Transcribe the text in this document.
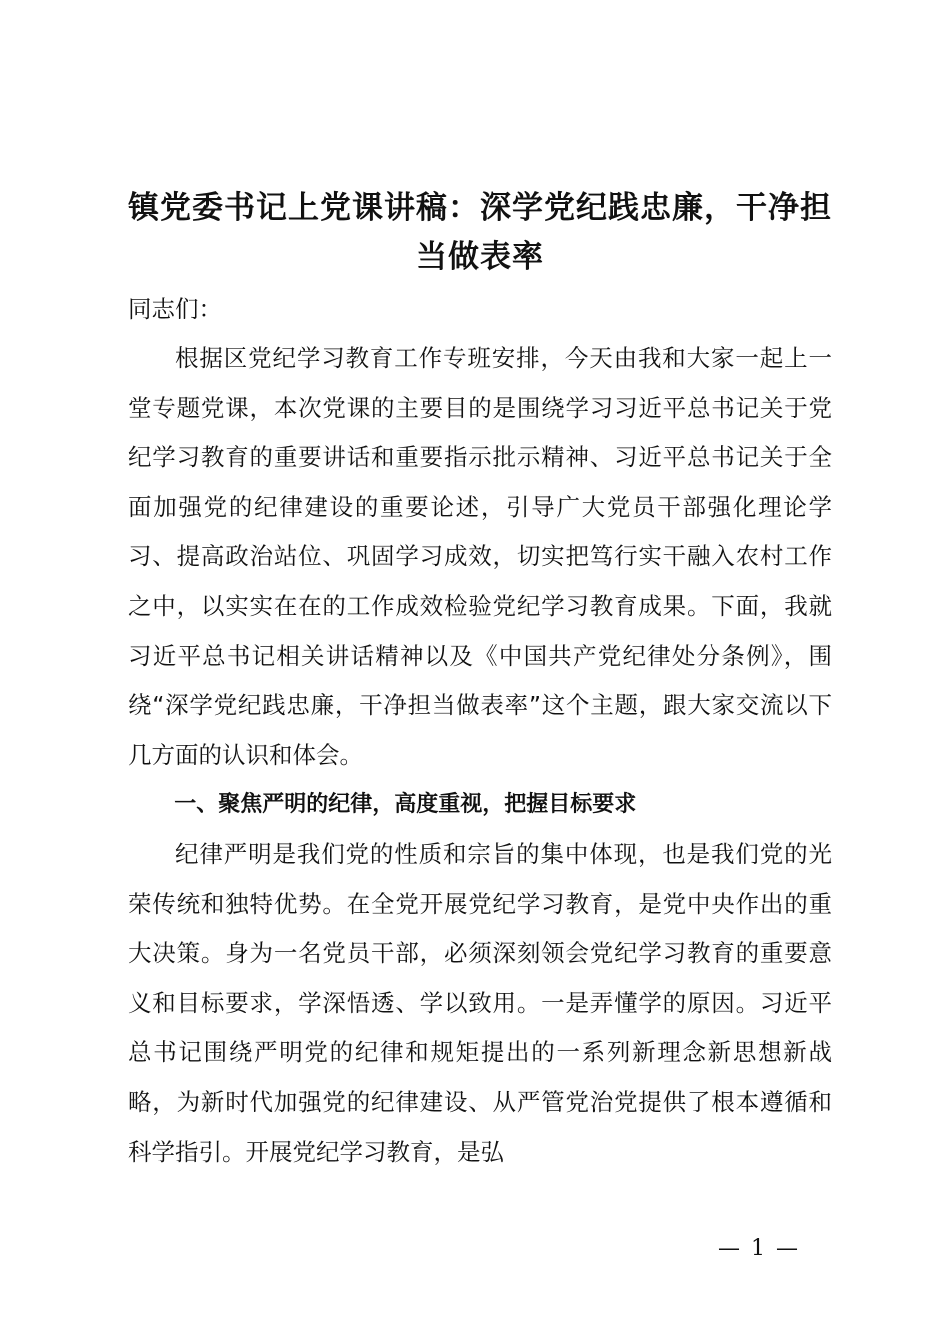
镇党委书记上党课讲稿：深学党纪践忠廉，干净担当做表率

同志们：

根据区党纪学习教育工作专班安排，今天由我和大家一起上一堂专题党课，本次党课的主要目的是围绕学习习近平总书记关于党纪学习教育的重要讲话和重要指示批示精神、习近平总书记关于全面加强党的纪律建设的重要论述，引导广大党员干部强化理论学习、提高政治站位、巩固学习成效，切实把笃行实干融入农村工作之中，以实实在在的工作成效检验党纪学习教育成果。下面，我就习近平总书记相关讲话精神以及《中国共产党纪律处分条例》，围绕“深学党纪践忠廉，干净担当做表率”这个主题，跟大家交流以下几方面的认识和体会。

一、聚焦严明的纪律，高度重视，把握目标要求

纪律严明是我们党的性质和宗旨的集中体现，也是我们党的光荣传统和独特优势。在全党开展党纪学习教育，是党中央作出的重大决策。身为一名党员干部，必须深刻领会党纪学习教育的重要意义和目标要求，学深悟透、学以致用。一是弄懂学的原因。习近平总书记围绕严明党的纪律和规矩提出的一系列新理念新思想新战略，为新时代加强党的纪律建设、从严管党治党提供了根本遵循和科学指引。开展党纪学习教育，是弘

— 1 —
